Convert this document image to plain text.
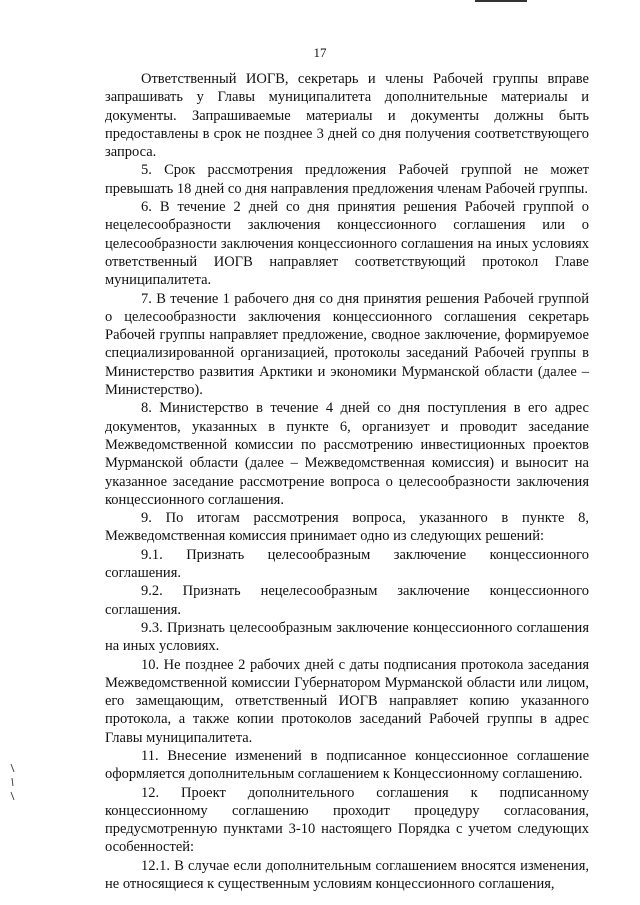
17

Ответственный ИОГВ, секретарь и члены Рабочей группы вправе запрашивать у Главы муниципалитета дополнительные материалы и документы. Запрашиваемые материалы и документы должны быть предоставлены в срок не позднее 3 дней со дня получения соответствующего запроса.

5. Срок рассмотрения предложения Рабочей группой не может превышать 18 дней со дня направления предложения членам Рабочей группы.

6. В течение 2 дней со дня принятия решения Рабочей группой о нецелесообразности заключения концессионного соглашения или о целесообразности заключения концессионного соглашения на иных условиях ответственный ИОГВ направляет соответствующий протокол Главе муниципалитета.

7. В течение 1 рабочего дня со дня принятия решения Рабочей группой о целесообразности заключения концессионного соглашения секретарь Рабочей группы направляет предложение, сводное заключение, формируемое специализированной организацией, протоколы заседаний Рабочей группы в Министерство развития Арктики и экономики Мурманской области (далее – Министерство).

8. Министерство в течение 4 дней со дня поступления в его адрес документов, указанных в пункте 6, организует и проводит заседание Межведомственной комиссии по рассмотрению инвестиционных проектов Мурманской области (далее – Межведомственная комиссия) и выносит на указанное заседание рассмотрение вопроса о целесообразности заключения концессионного соглашения.

9. По итогам рассмотрения вопроса, указанного в пункте 8, Межведомственная комиссия принимает одно из следующих решений:

9.1. Признать целесообразным заключение концессионного соглашения.

9.2. Признать нецелесообразным заключение концессионного соглашения.

9.3. Признать целесообразным заключение концессионного соглашения на иных условиях.

10. Не позднее 2 рабочих дней с даты подписания протокола заседания Межведомственной комиссии Губернатором Мурманской области или лицом, его замещающим, ответственный ИОГВ направляет копию указанного протокола, а также копии протоколов заседаний Рабочей группы в адрес Главы муниципалитета.

11. Внесение изменений в подписанное концессионное соглашение оформляется дополнительным соглашением к Концессионному соглашению.

12. Проект дополнительного соглашения к подписанному концессионному соглашению проходит процедуру согласования, предусмотренную пунктами 3-10 настоящего Порядка с учетом следующих особенностей:

12.1. В случае если дополнительным соглашением вносятся изменения, не относящиеся к существенным условиям концессионного соглашения,
